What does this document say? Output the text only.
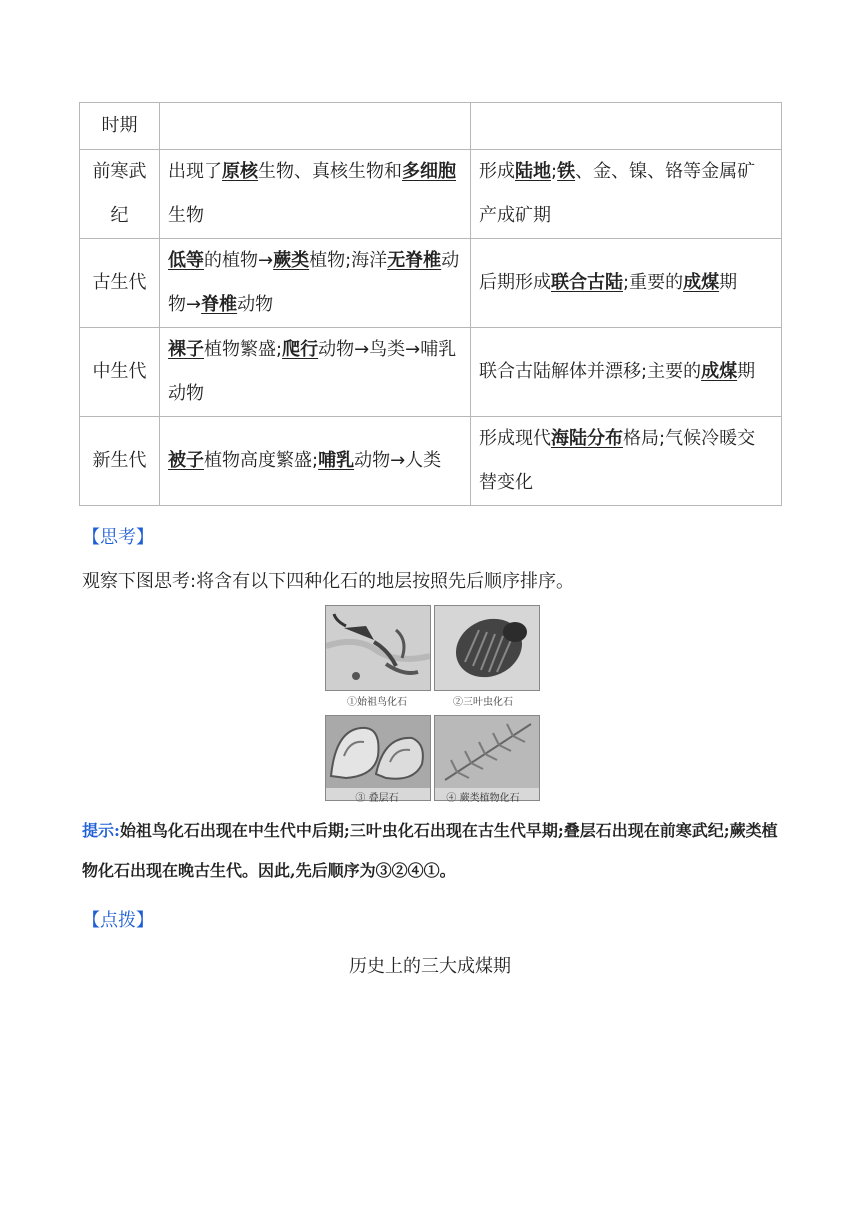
时期		
前寒武纪	出现了原核生物、真核生物和多细胞生物	形成陆地;铁、金、镍、铬等金属矿产成矿期
古生代	低等的植物→蕨类植物;海洋无脊椎动物→脊椎动物	后期形成联合古陆;重要的成煤期
中生代	裸子植物繁盛;爬行动物→鸟类→哺乳动物	联合古陆解体并漂移;主要的成煤期
新生代	被子植物高度繁盛;哺乳动物→人类	形成现代海陆分布格局;气候冷暖交替变化
【思考】
观察下图思考:将含有以下四种化石的地层按照先后顺序排序。
①始祖鸟化石	②三叶虫化石
③ 叠层石	④ 蕨类植物化石
提示:始祖鸟化石出现在中生代中后期;三叶虫化石出现在古生代早期;叠层石出现在前寒武纪;蕨类植物化石出现在晚古生代。因此,先后顺序为③②④①。
【点拨】
历史上的三大成煤期
